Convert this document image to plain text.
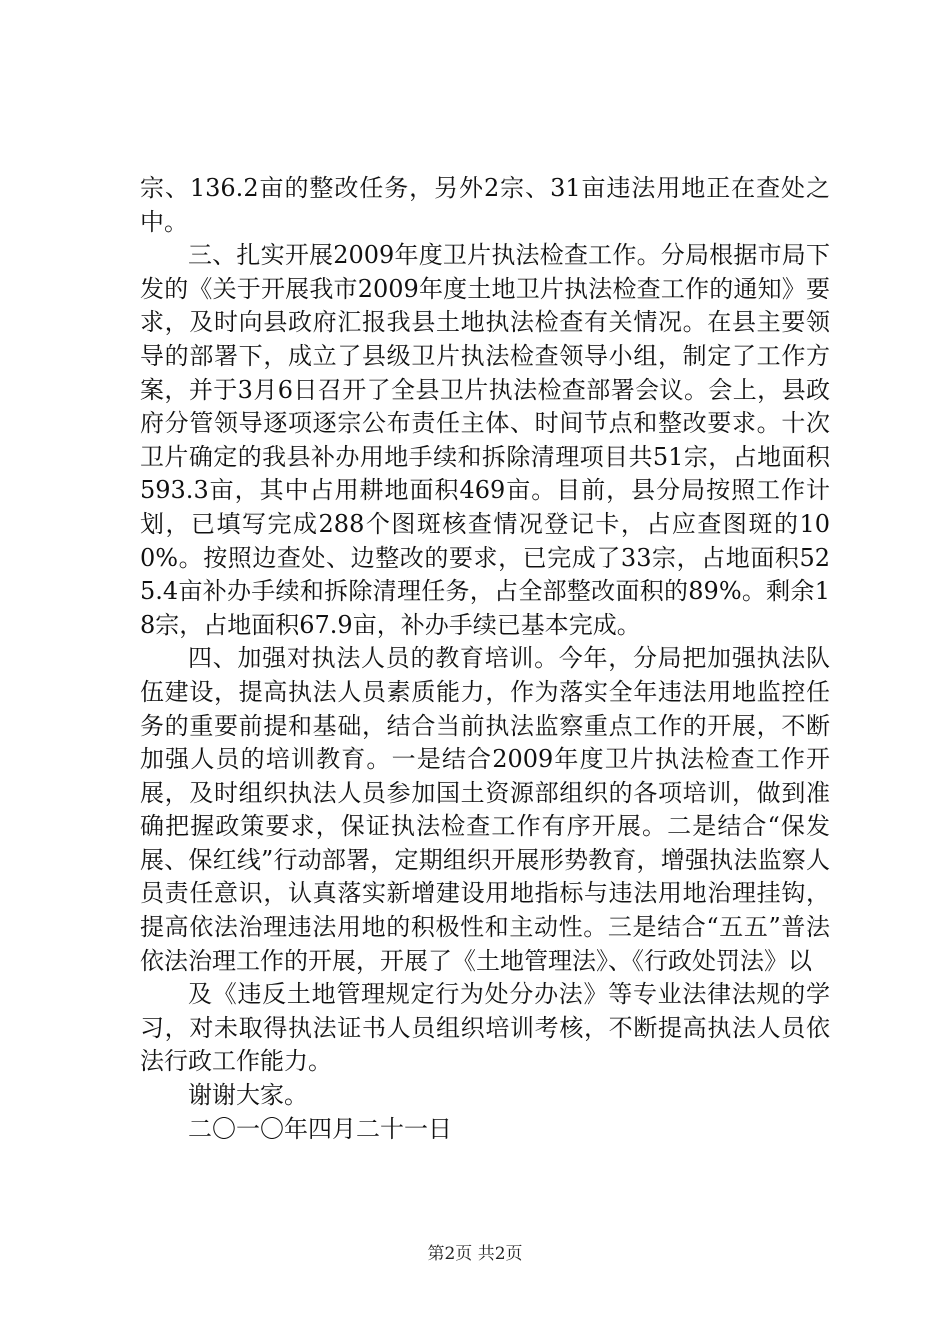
宗、136.2亩的整改任务，另外2宗、31亩违法用地正在查处之中。

三、扎实开展2009年度卫片执法检查工作。分局根据市局下发的《关于开展我市2009年度土地卫片执法检查工作的通知》要求，及时向县政府汇报我县土地执法检查有关情况。在县主要领导的部署下，成立了县级卫片执法检查领导小组，制定了工作方案，并于3月6日召开了全县卫片执法检查部署会议。会上，县政府分管领导逐项逐宗公布责任主体、时间节点和整改要求。十次卫片确定的我县补办用地手续和拆除清理项目共51宗，占地面积593.3亩，其中占用耕地面积469亩。目前，县分局按照工作计划，已填写完成288个图斑核查情况登记卡，占应查图斑的100%。按照边查处、边整改的要求，已完成了33宗，占地面积525.4亩补办手续和拆除清理任务，占全部整改面积的89%。剩余18宗，占地面积67.9亩，补办手续已基本完成。

四、加强对执法人员的教育培训。今年，分局把加强执法队伍建设，提高执法人员素质能力，作为落实全年违法用地监控任务的重要前提和基础，结合当前执法监察重点工作的开展，不断加强人员的培训教育。一是结合2009年度卫片执法检查工作开展，及时组织执法人员参加国土资源部组织的各项培训，做到准确把握政策要求，保证执法检查工作有序开展。二是结合“保发展、保红线”行动部署，定期组织开展形势教育，增强执法监察人员责任意识，认真落实新增建设用地指标与违法用地治理挂钩，提高依法治理违法用地的积极性和主动性。三是结合“五五”普法依法治理工作的开展，开展了《土地管理法》、《行政处罚法》以

及《违反土地管理规定行为处分办法》等专业法律法规的学习，对未取得执法证书人员组织培训考核，不断提高执法人员依法行政工作能力。

谢谢大家。

二〇一〇年四月二十一日

第2页 共2页
